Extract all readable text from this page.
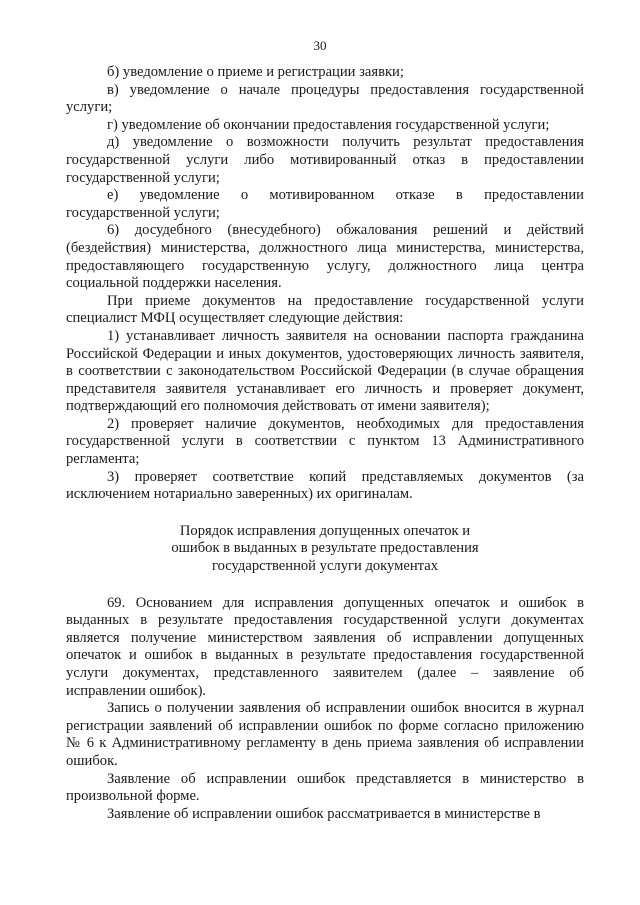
30

б) уведомление о приеме и регистрации заявки;

в) уведомление о начале процедуры предоставления государственной услуги;

г) уведомление об окончании предоставления государственной услуги;

д) уведомление о возможности получить результат предоставления государственной услуги либо мотивированный отказ в предоставлении государственной услуги;

е) уведомление о мотивированном отказе в предоставлении государственной услуги;

6) досудебного (внесудебного) обжалования решений и действий (бездействия) министерства, должностного лица министерства, министерства, предоставляющего государственную услугу, должностного лица центра социальной поддержки населения.

При приеме документов на предоставление государственной услуги специалист МФЦ осуществляет следующие действия:

1) устанавливает личность заявителя на основании паспорта гражданина Российской Федерации и иных документов, удостоверяющих личность заявителя, в соответствии с законодательством Российской Федерации (в случае обращения представителя заявителя устанавливает его личность и проверяет документ, подтверждающий его полномочия действовать от имени заявителя);

2) проверяет наличие документов, необходимых для предоставления государственной услуги в соответствии с пунктом 13 Административного регламента;

3) проверяет соответствие копий представляемых документов (за исключением нотариально заверенных) их оригиналам.

Порядок исправления допущенных опечаток и

ошибок в выданных в результате предоставления

государственной услуги документах

69. Основанием для исправления допущенных опечаток и ошибок в выданных в результате предоставления государственной услуги документах является получение министерством заявления об исправлении допущенных опечаток и ошибок в выданных в результате предоставления государственной услуги документах, представленного заявителем (далее – заявление об исправлении ошибок).

Запись о получении заявления об исправлении ошибок вносится в журнал регистрации заявлений об исправлении ошибок по форме согласно приложению № 6 к Административному регламенту в день приема заявления об исправлении ошибок.

Заявление об исправлении ошибок представляется в министерство в произвольной форме.

Заявление об исправлении ошибок рассматривается в министерстве в
